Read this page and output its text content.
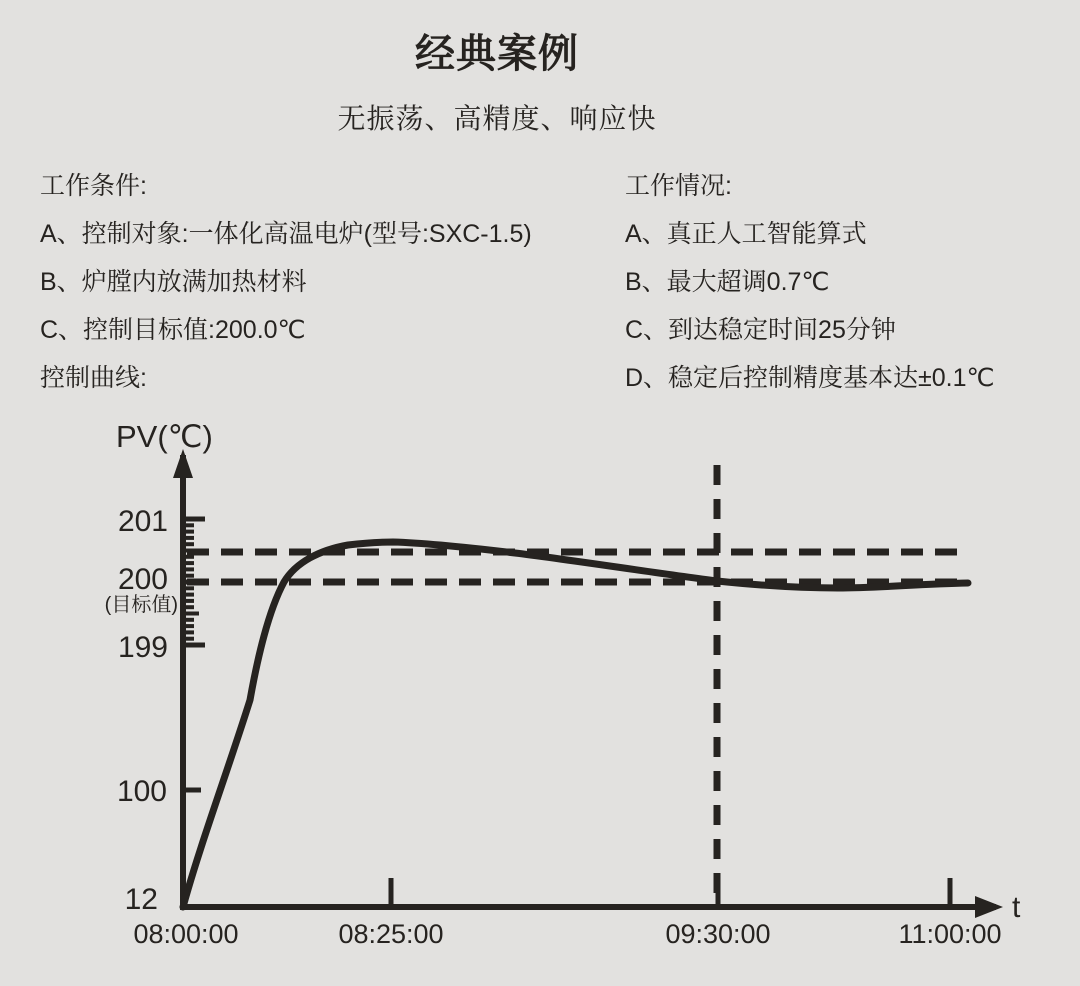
经典案例
无振荡、高精度、响应快
工作条件:
A、控制对象:一体化高温电炉(型号:SXC-1.5)
B、炉膛内放满加热材料
C、控制目标值:200.0℃
控制曲线:
工作情况:
A、真正人工智能算式
B、最大超调0.7℃
C、到达稳定时间25分钟
D、稳定后控制精度基本达±0.1℃
201
200
199
100
12
(目标值)
08:00:00	08:25:00	09:30:00	11:00:00
PV(℃)
t
